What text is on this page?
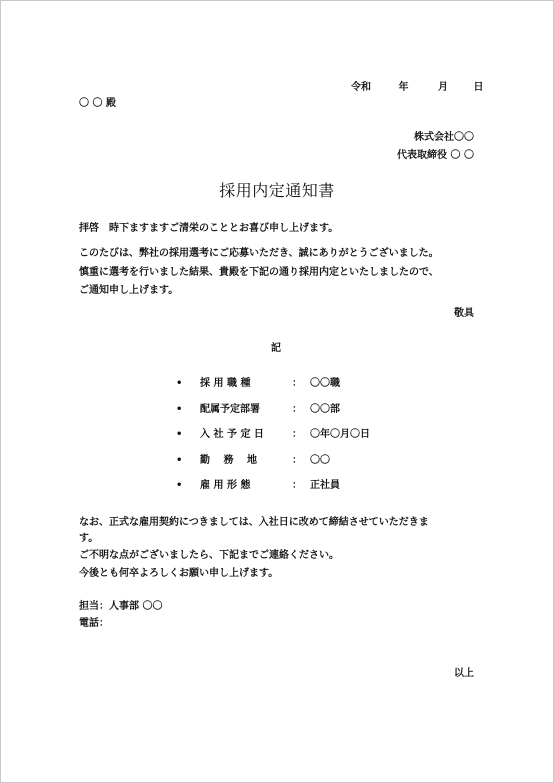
令和	年	月	日
〇 〇 殿
株式会社〇〇
代表取締役 〇 〇
採用内定通知書
拝啓　時下ますますご清栄のこととお喜び申し上げます。
このたびは、弊社の採用選考にご応募いただき、誠にありがとうございました。
慎重に選考を行いました結果、貴殿を下記の通り採用内定といたしましたので、
ご通知申し上げます。
敬具
記
• 採 用 職 種	： 〇〇職
• 配属予定部署	： 〇〇部
• 入 社 予 定 日	： 〇年〇月〇日
• 勤　 務　 地	： 〇〇
• 雇 用 形 態	： 正社員
なお、正式な雇用契約につきましては、入社日に改めて締結させていただきま
す。
ご不明な点がございましたら、下記までご連絡ください。
今後とも何卒よろしくお願い申し上げます。
担当：人事部 〇〇
電話：
以上
